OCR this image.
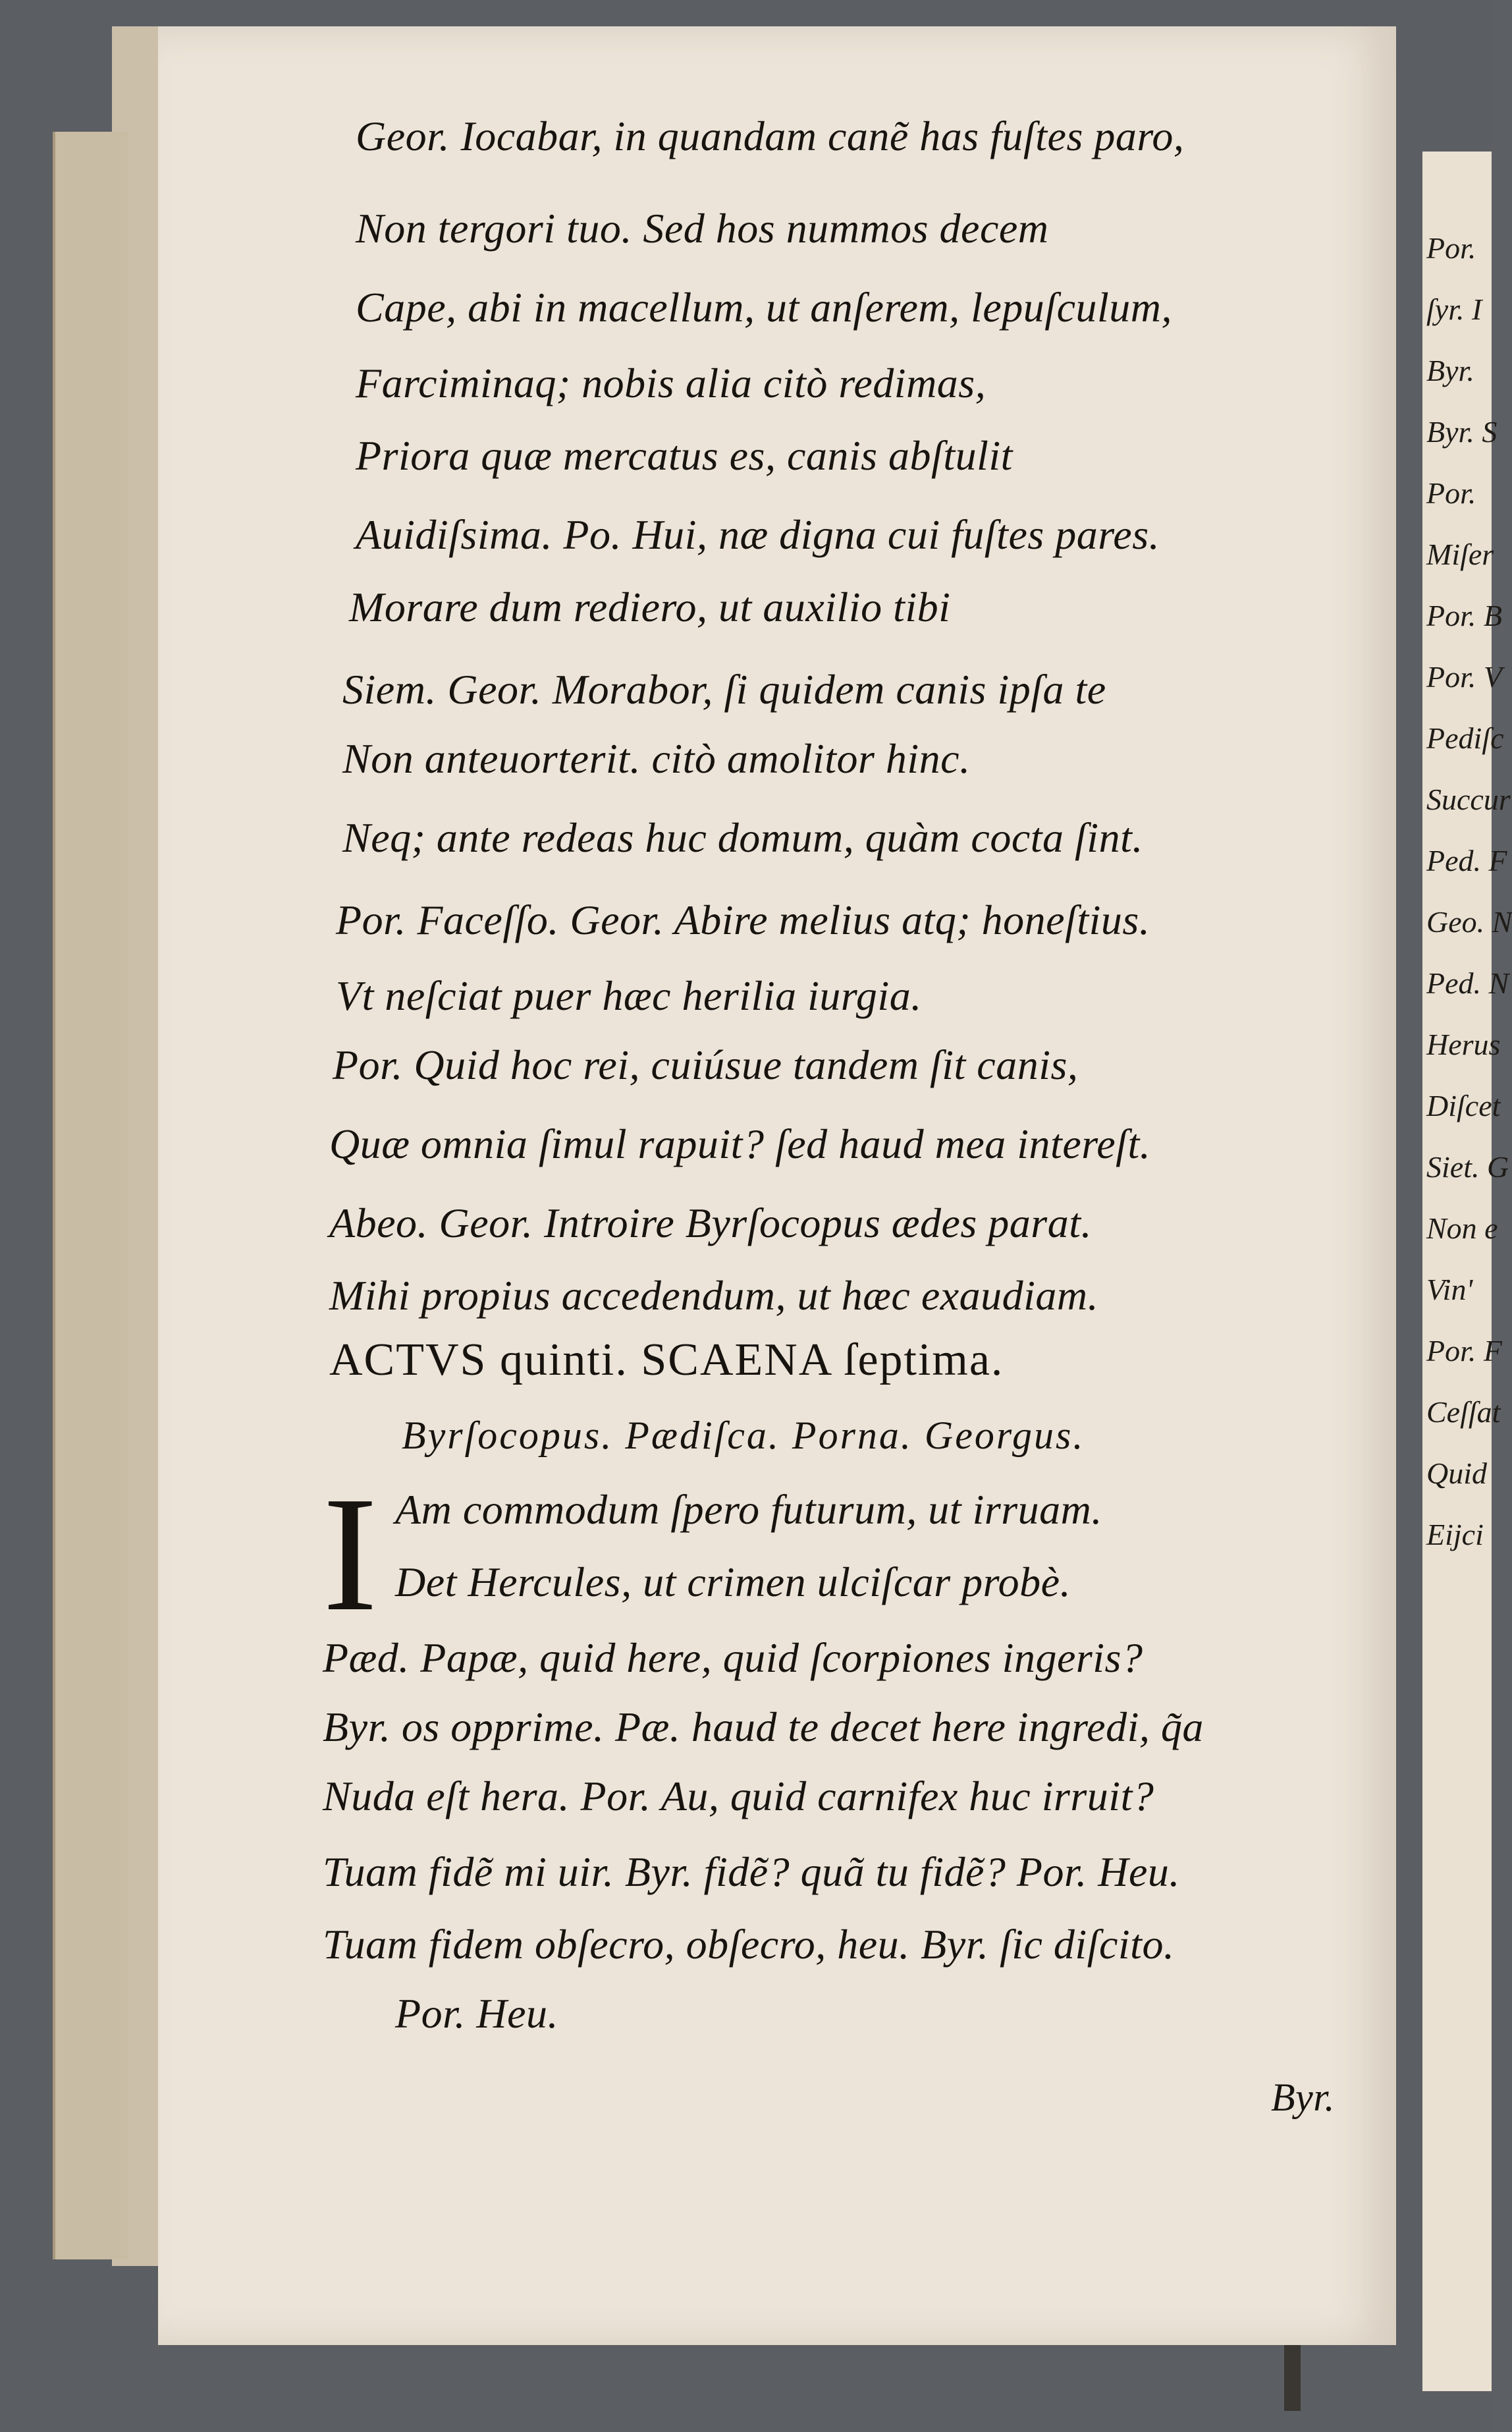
Por.
ſyr. I
Byr.
Byr. S
Por.
Miſer
Por. B
Por. V
Pediſc
Succur
Ped. F
Geo. N
Ped. N
Herus
Diſcet
Siet. G
Non e
Vin'
Por. F
Ceſſat
Quid
Eijci

Geor. Iocabar, in quandam canẽ has fuſtes paro,

Non tergori tuo. Sed hos nummos decem

Cape, abi in macellum, ut anſerem, lepuſculum,

Farciminaq; nobis alia citò redimas,

Priora quæ mercatus es, canis abſtulit

Auidiſsima. Po. Hui, næ digna cui fuſtes pares.

Morare dum rediero, ut auxilio tibi

Siem. Geor. Morabor, ſi quidem canis ipſa te

Non anteuorterit. citò amolitor hinc.

Neq; ante redeas huc domum, quàm cocta ſint.

Por. Faceſſo. Geor. Abire melius atq; honeſtius.

Vt neſciat puer hæc herilia iurgia.

Por. Quid hoc rei, cuiúsue tandem ſit canis,

Quæ omnia ſimul rapuit? ſed haud mea intereſt.

Abeo. Geor. Introire Byrſocopus ædes parat.

Mihi propius accedendum, ut hæc exaudiam.

ACTVS quinti. SCAENA ſeptima.

Byrſocopus. Pædiſca. Porna. Georgus.

I Am commodum ſpero futurum, ut irruam.

Det Hercules, ut crimen ulciſcar probè.

Pæd. Papæ, quid here, quid ſcorpiones ingeris?

Byr. os opprime. Pæ. haud te decet here ingredi, q̃a

Nuda eſt hera. Por. Au, quid carnifex huc irruit?

Tuam fidẽ mi uir. Byr. fidẽ? quã tu fidẽ? Por. Heu.

Tuam fidem obſecro, obſecro, heu. Byr. ſic diſcito.

Por. Heu.

Byr.
